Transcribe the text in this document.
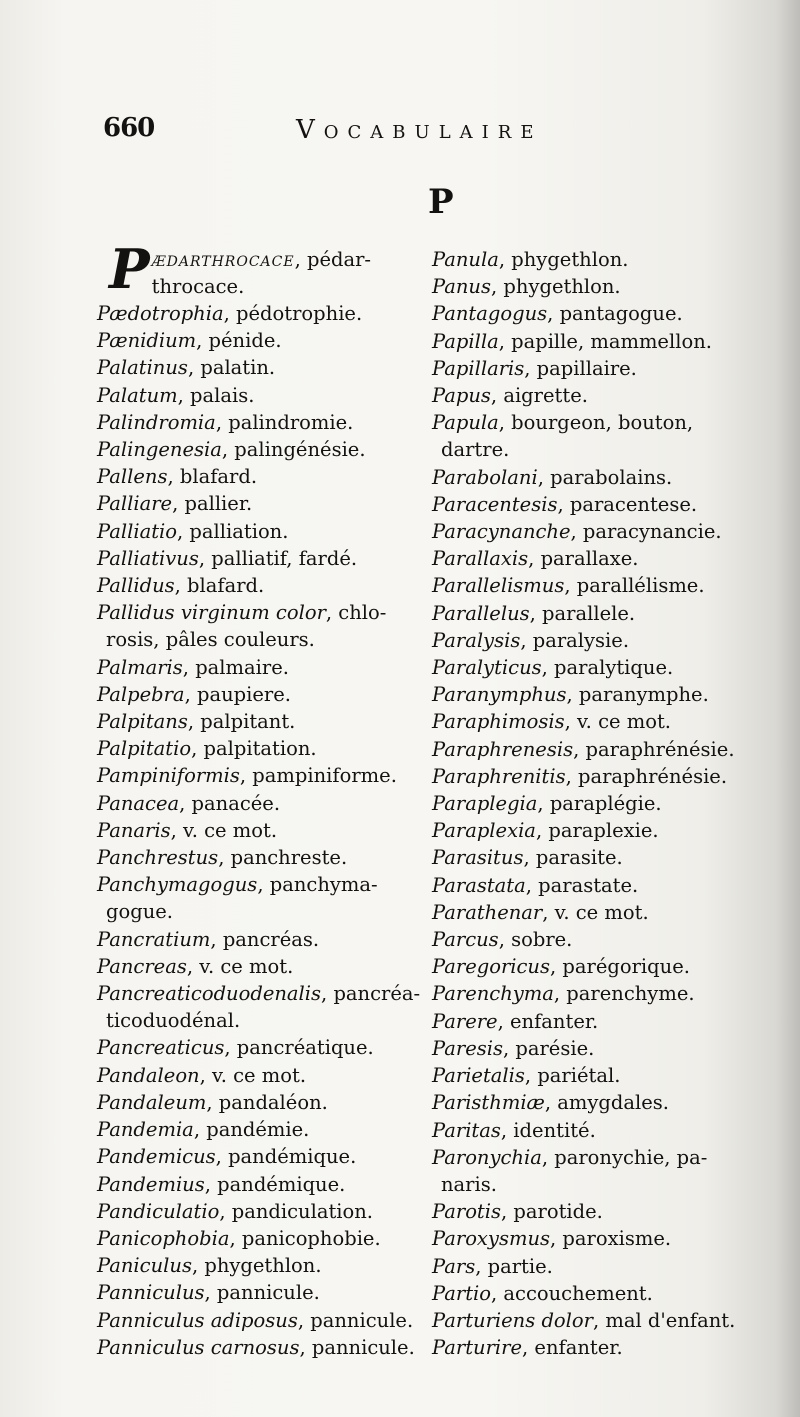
660	Vocabulaire
P
Pædarthrocace, pédar-
throcace.
Pædotrophia, pédotrophie.
Pænidium, pénide.
Palatinus, palatin.
Palatum, palais.
Palindromia, palindromie.
Palingenesia, palingénésie.
Pallens, blafard.
Palliare, pallier.
Palliatio, palliation.
Palliativus, palliatif, fardé.
Pallidus, blafard.
Pallidus virginum color, chlo-
rosis, pâles couleurs.
Palmaris, palmaire.
Palpebra, paupiere.
Palpitans, palpitant.
Palpitatio, palpitation.
Pampiniformis, pampiniforme.
Panacea, panacée.
Panaris, v. ce mot.
Panchrestus, panchreste.
Panchymagogus, panchyma-
gogue.
Pancratium, pancréas.
Pancreas, v. ce mot.
Pancreaticoduodenalis, pancréa-
ticoduodénal.
Pancreaticus, pancréatique.
Pandaleon, v. ce mot.
Pandaleum, pandaléon.
Pandemia, pandémie.
Pandemicus, pandémique.
Pandemius, pandémique.
Pandiculatio, pandiculation.
Panicophobia, panicophobie.
Paniculus, phygethlon.
Panniculus, pannicule.
Panniculus adiposus, pannicule.
Panniculus carnosus, pannicule.
Panula, phygethlon.
Panus, phygethlon.
Pantagogus, pantagogue.
Papilla, papille, mammellon.
Papillaris, papillaire.
Papus, aigrette.
Papula, bourgeon, bouton,
dartre.
Parabolani, parabolains.
Paracentesis, paracentese.
Paracynanche, paracynancie.
Parallaxis, parallaxe.
Parallelismus, parallélisme.
Parallelus, parallele.
Paralysis, paralysie.
Paralyticus, paralytique.
Paranymphus, paranymphe.
Paraphimosis, v. ce mot.
Paraphrenesis, paraphrénésie.
Paraphrenitis, paraphrénésie.
Paraplegia, paraplégie.
Paraplexia, paraplexie.
Parasitus, parasite.
Parastata, parastate.
Parathenar, v. ce mot.
Parcus, sobre.
Paregoricus, parégorique.
Parenchyma, parenchyme.
Parere, enfanter.
Paresis, parésie.
Parietalis, pariétal.
Paristhmiæ, amygdales.
Paritas, identité.
Paronychia, paronychie, pa-
naris.
Parotis, parotide.
Paroxysmus, paroxisme.
Pars, partie.
Partio, accouchement.
Parturiens dolor, mal d'enfant.
Parturire, enfanter.
